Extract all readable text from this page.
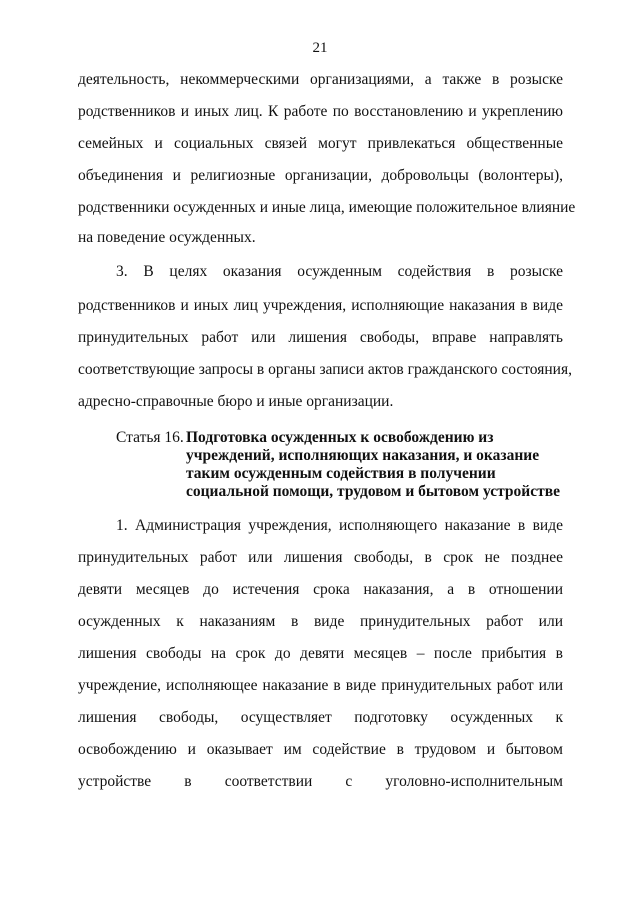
21
деятельность, некоммерческими организациями, а также в розыске
родственников и иных лиц. К работе по восстановлению и укреплению
семейных и социальных связей могут привлекаться общественные
объединения и религиозные организации, добровольцы (волонтеры),
родственники осужденных и иные лица, имеющие положительное влияние
на поведение осужденных.
3. В целях оказания осужденным содействия в розыске
родственников и иных лиц учреждения, исполняющие наказания в виде
принудительных работ или лишения свободы, вправе направлять
соответствующие запросы в органы записи актов гражданского состояния,
адресно-справочные бюро и иные организации.
Статья 16. Подготовка осужденных к освобождению из
учреждений, исполняющих наказания, и оказание
таким осужденным содействия в получении
социальной помощи, трудовом и бытовом устройстве
1. Администрация учреждения, исполняющего наказание в виде
принудительных работ или лишения свободы, в срок не позднее
девяти месяцев до истечения срока наказания, а в отношении
осужденных к наказаниям в виде принудительных работ или
лишения свободы на срок до девяти месяцев – после прибытия в
учреждение, исполняющее наказание в виде принудительных работ или
лишения свободы, осуществляет подготовку осужденных к
освобождению и оказывает им содействие в трудовом и бытовом
устройстве в соответствии с уголовно-исполнительным
